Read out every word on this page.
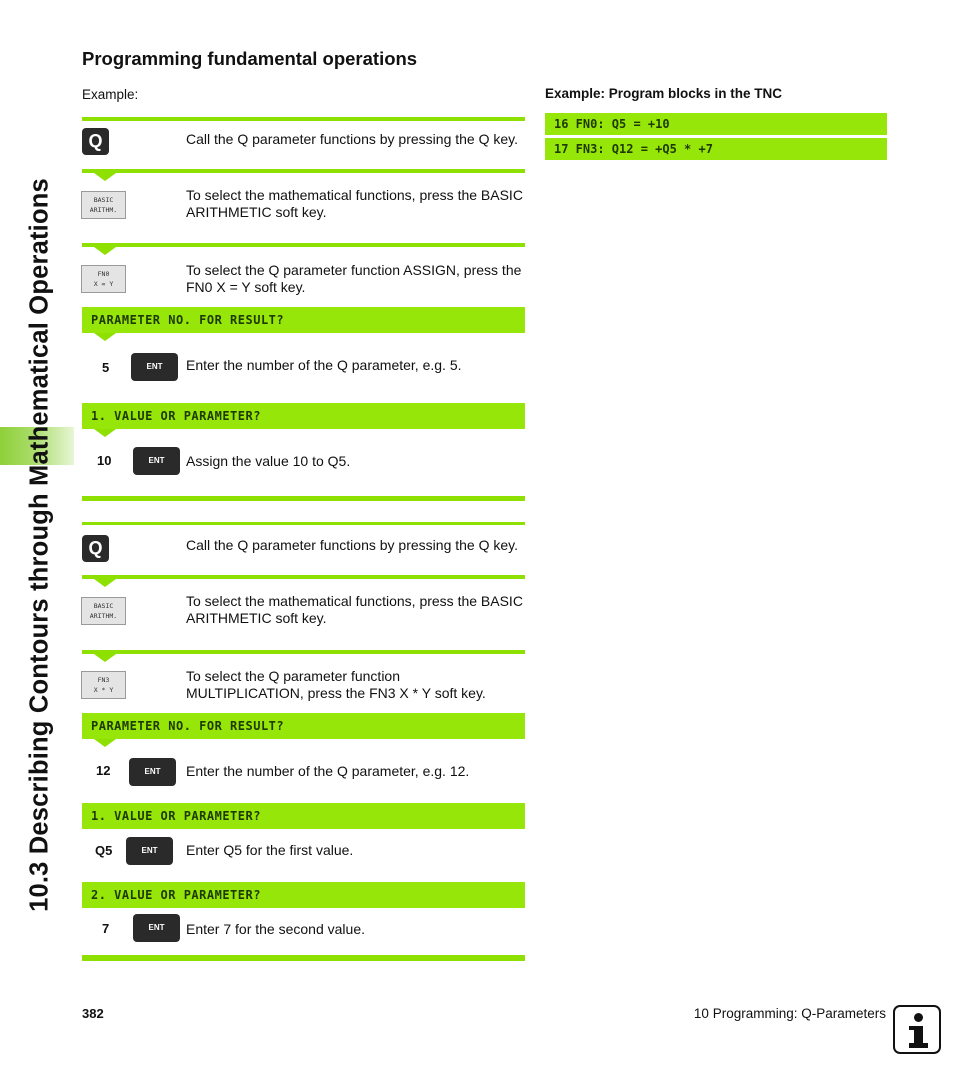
10.3 Describing Contours through Mathematical Operations
Programming fundamental operations
Example:	Example: Program blocks in the TNC
16 FN0: Q5 = +10
17 FN3: Q12 = +Q5 * +7
Q	Call the Q parameter functions by pressing the Q key.
BASIC
ARITHM.
To select the mathematical functions, press the BASIC ARITHMETIC soft key.
FN0
X = Y
To select the Q parameter function ASSIGN, press the FN0 X = Y soft key.
PARAMETER NO. FOR RESULT?
5	ENT	Enter the number of the Q parameter, e.g. 5.
1. VALUE OR PARAMETER?
10	ENT	Assign the value 10 to Q5.
Q	Call the Q parameter functions by pressing the Q key.
BASIC
ARITHM.
To select the mathematical functions, press the BASIC ARITHMETIC soft key.
FN3
X * Y
To select the Q parameter function MULTIPLICATION, press the FN3 X * Y soft key.
PARAMETER NO. FOR RESULT?
12	ENT	Enter the number of the Q parameter, e.g. 12.
1. VALUE OR PARAMETER?
Q5	ENT	Enter Q5 for the first value.
2. VALUE OR PARAMETER?
7	ENT	Enter 7 for the second value.
382	10 Programming: Q-Parameters
